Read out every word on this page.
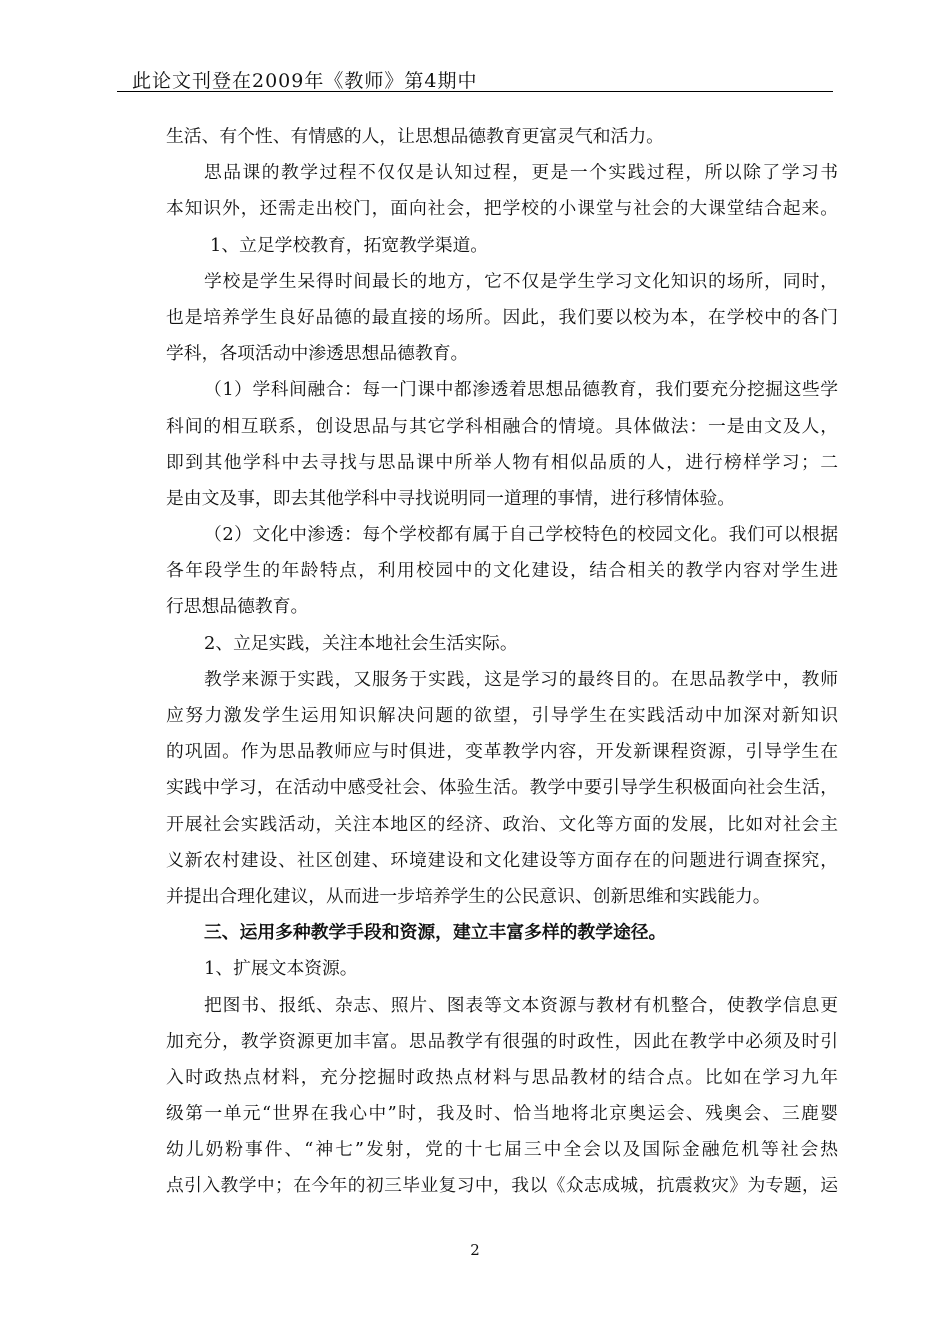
此论文刊登在2009年《教师》第4期中
生活、有个性、有情感的人，让思想品德教育更富灵气和活力。
思品课的教学过程不仅仅是认知过程，更是一个实践过程，所以除了学习书
本知识外，还需走出校门，面向社会，把学校的小课堂与社会的大课堂结合起来。
1、立足学校教育，拓宽教学渠道。
学校是学生呆得时间最长的地方，它不仅是学生学习文化知识的场所，同时，
也是培养学生良好品德的最直接的场所。因此，我们要以校为本，在学校中的各门
学科，各项活动中渗透思想品德教育。
（1）学科间融合：每一门课中都渗透着思想品德教育，我们要充分挖掘这些学
科间的相互联系，创设思品与其它学科相融合的情境。具体做法：一是由文及人，
即到其他学科中去寻找与思品课中所举人物有相似品质的人，进行榜样学习；二
是由文及事，即去其他学科中寻找说明同一道理的事情，进行移情体验。
（2）文化中渗透：每个学校都有属于自己学校特色的校园文化。我们可以根据
各年段学生的年龄特点，利用校园中的文化建设，结合相关的教学内容对学生进
行思想品德教育。
2、立足实践，关注本地社会生活实际。
教学来源于实践，又服务于实践，这是学习的最终目的。在思品教学中，教师
应努力激发学生运用知识解决问题的欲望，引导学生在实践活动中加深对新知识
的巩固。作为思品教师应与时俱进，变革教学内容，开发新课程资源，引导学生在
实践中学习，在活动中感受社会、体验生活。教学中要引导学生积极面向社会生活，
开展社会实践活动，关注本地区的经济、政治、文化等方面的发展，比如对社会主
义新农村建设、社区创建、环境建设和文化建设等方面存在的问题进行调查探究，
并提出合理化建议，从而进一步培养学生的公民意识、创新思维和实践能力。
三、运用多种教学手段和资源，建立丰富多样的教学途径。
1、扩展文本资源。
把图书、报纸、杂志、照片、图表等文本资源与教材有机整合，使教学信息更
加充分，教学资源更加丰富。思品教学有很强的时政性，因此在教学中必须及时引
入时政热点材料，充分挖掘时政热点材料与思品教材的结合点。比如在学习九年
级第一单元“世界在我心中”时，我及时、恰当地将北京奥运会、残奥会、三鹿婴
幼儿奶粉事件、“神七”发射，党的十七届三中全会以及国际金融危机等社会热
点引入教学中；在今年的初三毕业复习中，我以《众志成城，抗震救灾》为专题，运
2
